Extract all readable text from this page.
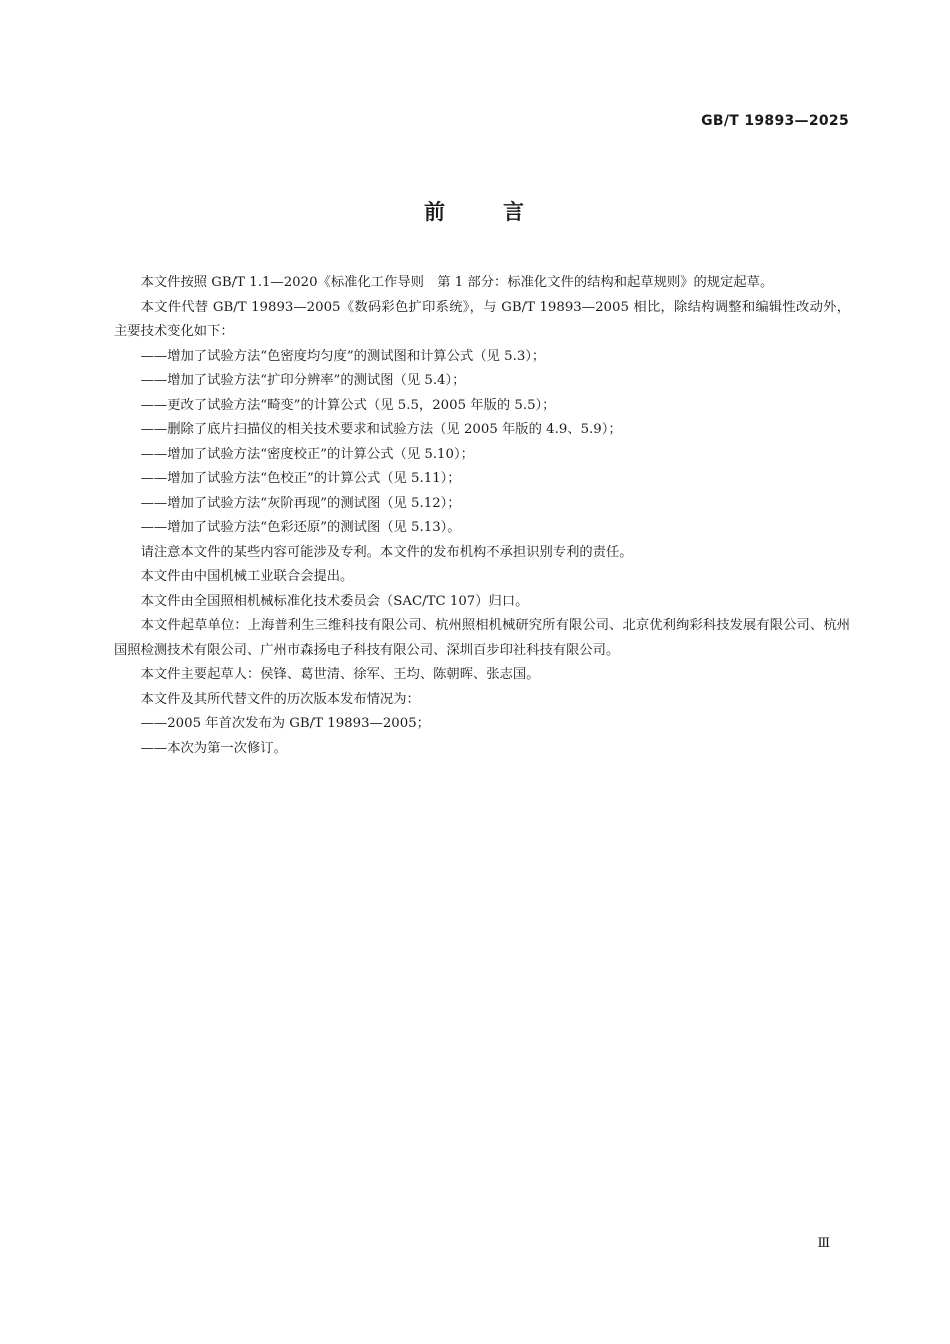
GB/T 19893—2025
前	言

本文件按照 GB/T 1.1—2020《标准化工作导则　第 1 部分：标准化文件的结构和起草规则》的规定起草。

本文件代替 GB/T 19893—2005《数码彩色扩印系统》，与 GB/T 19893—2005 相比，除结构调整和编辑性改动外，主要技术变化如下：

——增加了试验方法“色密度均匀度”的测试图和计算公式（见 5.3）；

——增加了试验方法“扩印分辨率”的测试图（见 5.4）；

——更改了试验方法“畸变”的计算公式（见 5.5，2005 年版的 5.5）；

——删除了底片扫描仪的相关技术要求和试验方法（见 2005 年版的 4.9、5.9）；

——增加了试验方法“密度校正”的计算公式（见 5.10）；

——增加了试验方法“色校正”的计算公式（见 5.11）；

——增加了试验方法“灰阶再现”的测试图（见 5.12）；

——增加了试验方法“色彩还原”的测试图（见 5.13）。

请注意本文件的某些内容可能涉及专利。本文件的发布机构不承担识别专利的责任。

本文件由中国机械工业联合会提出。

本文件由全国照相机械标准化技术委员会（SAC/TC 107）归口。

本文件起草单位：上海普利生三维科技有限公司、杭州照相机械研究所有限公司、北京优利绚彩科技发展有限公司、杭州国照检测技术有限公司、广州市森扬电子科技有限公司、深圳百步印社科技有限公司。

本文件主要起草人：侯锋、葛世清、徐军、王均、陈朝晖、张志国。

本文件及其所代替文件的历次版本发布情况为：

——2005 年首次发布为 GB/T 19893—2005；

——本次为第一次修订。

Ⅲ
